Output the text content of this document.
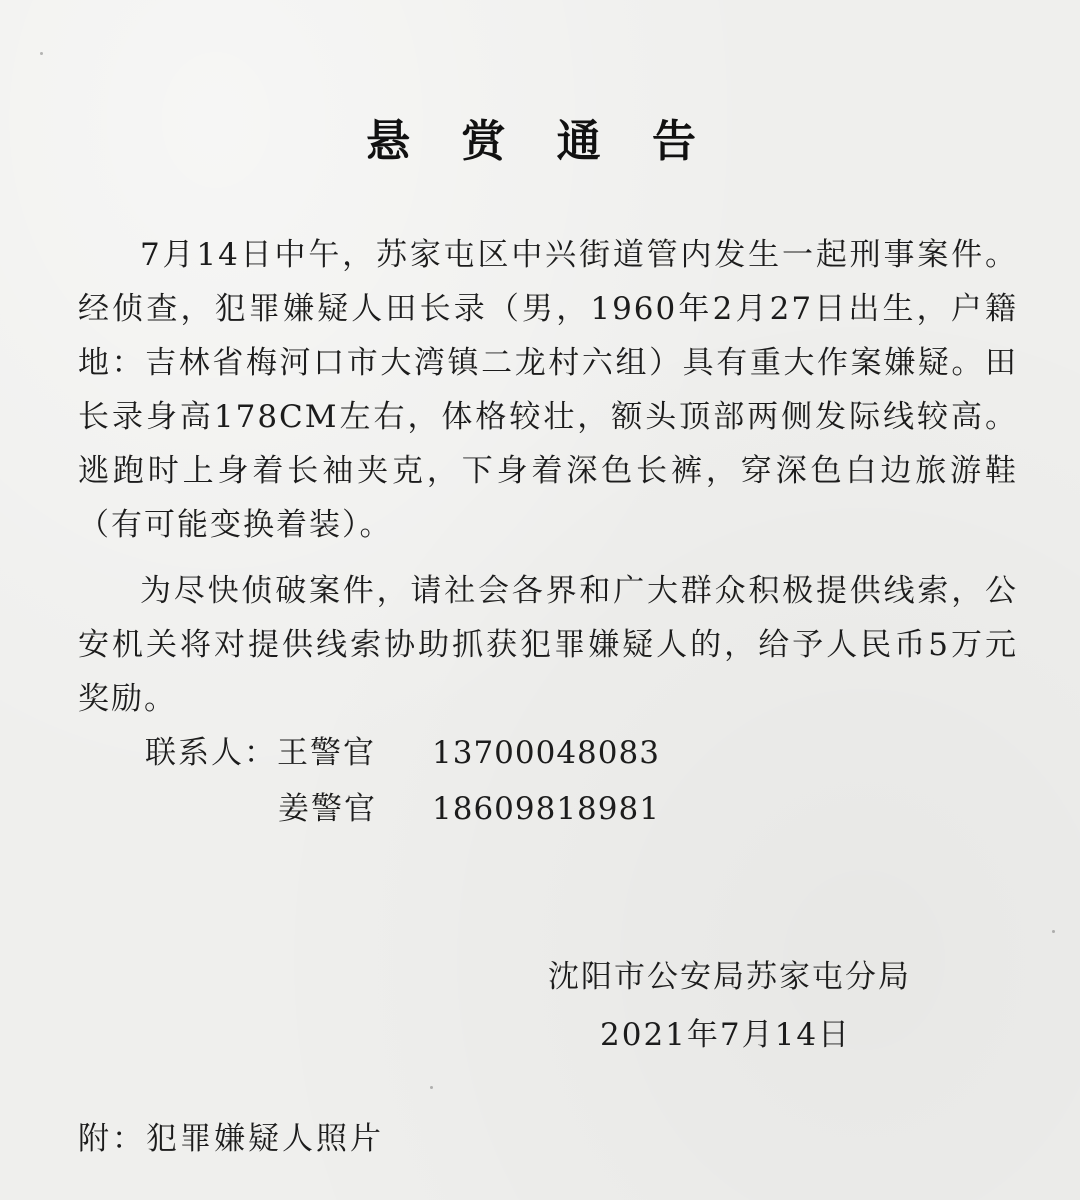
悬 赏 通 告

7月14日中午，苏家屯区中兴街道管内发生一起刑事案件。经侦查，犯罪嫌疑人田长录（男，1960年2月27日出生，户籍地：吉林省梅河口市大湾镇二龙村六组）具有重大作案嫌疑。田长录身高178CM左右，体格较壮，额头顶部两侧发际线较高。逃跑时上身着长袖夹克，下身着深色长裤，穿深色白边旅游鞋（有可能变换着装）。

为尽快侦破案件，请社会各界和广大群众积极提供线索，公安机关将对提供线索协助抓获犯罪嫌疑人的，给予人民币5万元奖励。

联系人：王警官 13700048083
姜警官 18609818981
沈阳市公安局苏家屯分局
2021年7月14日
附：犯罪嫌疑人照片
